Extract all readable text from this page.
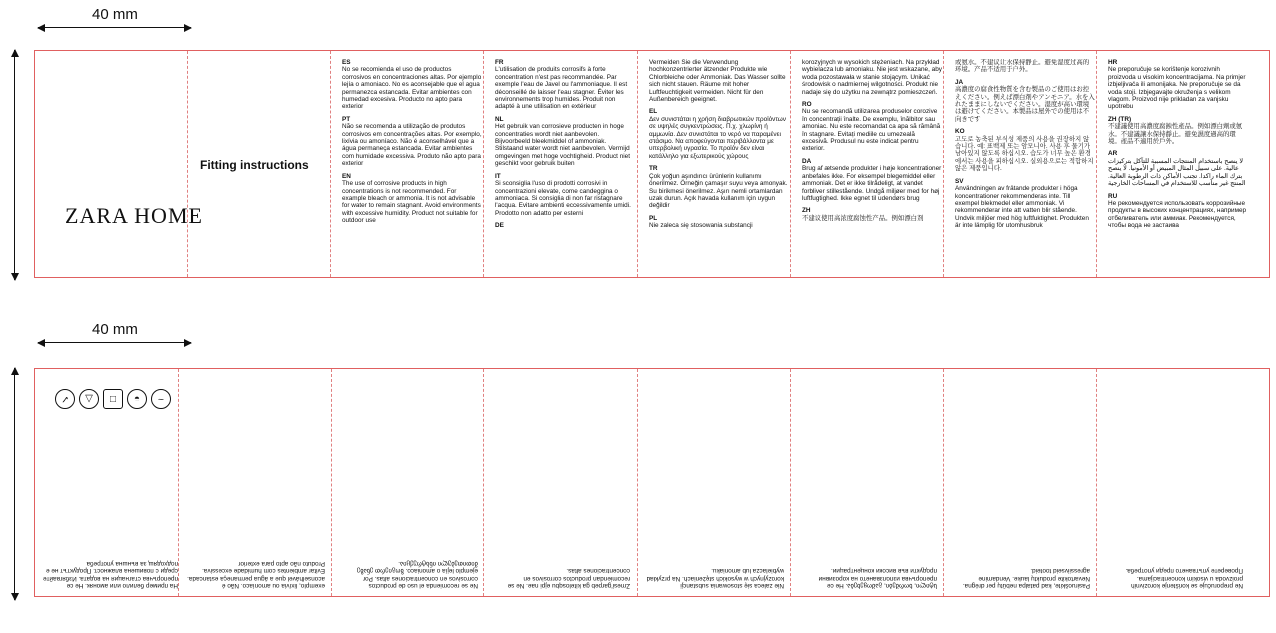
40 mm
ZARA HOME
Fitting instructions
ES
No se recomienda el uso de productos corrosivos en concentraciones altas. Por ejemplo lejía o amoniaco. No es aconsejable que el agua permanezca estancada. Evitar ambientes con humedad excesiva. Producto no apto para exterior
PT
Não se recomenda a utilização de produtos corrosivos em concentrações altas. Por exemplo, lixívia ou amoníaco. Não é aconselhável que a água permaneça estancada. Evitar ambientes com humidade excessiva. Produto não apto para exterior
EN
The use of corrosive products in high concentrations is not recommended. For example bleach or ammonia. It is not advisable for water to remain stagnant. Avoid environments with excessive humidity. Product not suitable for outdoor use
FR
L'utilisation de produits corrosifs à forte concentration n'est pas recommandée. Par exemple l'eau de Javel ou l'ammoniaque. Il est déconseillé de laisser l'eau stagner. Éviter les environnements trop humides. Produit non adapté à une utilisation en extérieur
NL
Het gebruik van corrosieve producten in hoge concentraties wordt niet aanbevolen. Bijvoorbeeld bleekmiddel of ammoniak. Stilstaand water wordt niet aanbevolen. Vermijd omgevingen met hoge vochtigheid. Product niet geschikt voor gebruik buiten
IT
Si sconsiglia l'uso di prodotti corrosivi in concentrazioni elevate, come candeggina o ammoniaca. Si consiglia di non far ristagnare l'acqua. Evitare ambienti eccessivamente umidi. Prodotto non adatto per esterni
DE
Vermeiden Sie die Verwendung hochkonzentrierter ätzender Produkte wie Chlorbleiche oder Ammoniak. Das Wasser sollte sich nicht stauen. Räume mit hoher Luftfeuchtigkeit vermeiden. Nicht für den Außenbereich geeignet.
EL
Δεν συνιστάται η χρήση διαβρωτικών προϊόντων σε υψηλές συγκεντρώσεις. Π.χ. χλωρίνη ή αμμωνία. Δεν συνιστάται το νερό να παραμένει στάσιμο. Να αποφεύγονται περιβάλλοντα με υπερβολική υγρασία. Το προϊόν δεν είναι κατάλληλο για εξωτερικούς χώρους
TR
Çok yoğun aşındırıcı ürünlerin kullanımı önerilmez. Örneğin çamaşır suyu veya amonyak. Su birikmesi önerilmez. Aşırı nemli ortamlardan uzak durun. Açık havada kullanım için uygun değildir
PL
Nie zaleca się stosowania substancji
korozyjnych w wysokich stężeniach. Na przykład wybielacza lub amoniaku. Nie jest wskazane, aby woda pozostawała w stanie stojącym. Unikać środowisk o nadmiernej wilgotności. Produkt nie nadaje się do użytku na zewnątrz pomieszczeń.
RO
Nu se recomandă utilizarea produselor corozive în concentrații înalte. De exemplu, înălbitor sau amoniac. Nu este recomandat ca apa să rămână în stagnare. Evitați mediile cu umezeală excesivă. Produsul nu este indicat pentru exterior.
DA
Brug af ætsende produkter i høje koncentrationer anbefales ikke. For eksempel blegemiddel eller ammoniak. Det er ikke tilrådeligt, at vandet forbliver stillestående. Undgå miljøer med for høj luftfugtighed. Ikke egnet til udendørs brug
ZH
不建议使用高浓度腐蚀性产品。例如漂白剂
或氨水。不建议让水保持静止。避免湿度过高的环境。产品不适用于户外。
JA
高濃度の腐食性物質を含む製品のご使用はお控えください。例えば漂白剤やアンモニア。水を入れたままにしないでください。湿度が高い環境は避けてください。本製品は屋外での使用は不向きです
KO
고도로 농축된 부식성 제품의 사용을 권장하지 않습니다. 예: 표백제 또는 암모니아. 사용 후 물기가 남아있지 않도록 하십시오. 습도가 너무 높은 환경에서는 사용을 피하십시오. 실외용으로는 적합하지 않은 제품입니다.
SV
Användningen av frätande produkter i höga koncentrationer rekommenderas inte. Till exempel blekmedel eller ammoniak. Vi rekommenderar inte att vatten blir stående. Undvik miljöer med hög luftfuktighet. Produkten är inte lämplig för utomhusbruk
HR
Ne preporučuje se korištenje korozivnih proizvoda u visokim koncentracijama. Na primjer izbjeljivača ili amonijaka. Ne preporučuje se da voda stoji. Izbjegavajte okruženja s velikom vlagom. Proizvod nije prikladan za vanjsku upotrebu
ZH (TR)
不建議使用高濃度腐蝕性產品。例如漂白劑或氨水。不建議讓水保持靜止。避免濕度過高的環境。產品不適用於戶外。
AR
لا ينصح باستخدام المنتجات المسببة للتآكل بتركيزات عالية. على سبيل المثال المبيض أو الأمونيا. لا ينصح بترك الماء راكدا. تجنب الأماكن ذات الرطوبة العالية. المنتج غير مناسب للاستخدام في المساحات الخارجية
RU
Не рекомендуется использовать коррозийные продукты в высоких концентрациях, например отбеливатель или аммиак. Рекомендуется, чтобы вода не застаива
40 mm
~
◒
□
△
✓
На пример белило или амоняк. Не се препоръчва стагнация на водата. Избягвайте среди с повишена влажност. Продуктът не е подходящ за външна употреба
exemplo, lixívia ou amoníaco. Não é aconselhável que a água permaneça estancada. Evitar ambientes com humidade excessiva. Produto não apto para exterior
Ne se recomienda el uso de productos corrosivos en concentraciones altas. Por ejemplo lejía o amoniaco. ზოგიერთ ენაზე მითითებული ინსტრუქცია.
Zmesi'garpeb ga kitelosqbu ejpi nae. Ne se recomiendan productos corrosivos en concentraciones altas.
Nie zaleca się stosowania substancji korozyjnych w wysokich stężeniach. Na przykład wybielacza lub amoniaku.
სტილი, ნორმები, გამოყენება. Не се препоръчва използването на корозивни продукти във високи концентрации.
Pasiruoškite, kad patalpa nebūtų per drėgna. Nevartokite produktų lauke. Vendamine agressiivseid tooteid.
Ne preporučuje se korištenje korozivnih proizvoda u visokim koncentracijama. Проверете упътването преди употреба.
